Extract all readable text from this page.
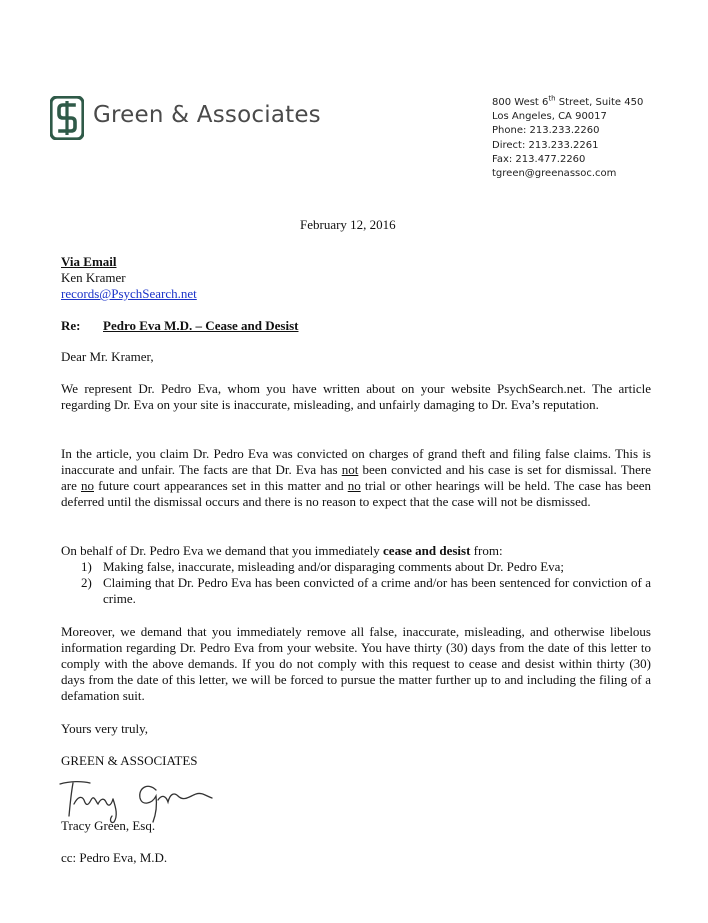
Green & Associates	800 West 6th Street, Suite 450
Los Angeles, CA 90017
Phone: 213.233.2260
Direct: 213.233.2261
Fax: 213.477.2260
tgreen@greenassoc.com
February 12, 2016
Via Email
Ken Kramer
records@PsychSearch.net
Re: Pedro Eva M.D. – Cease and Desist
Dear Mr. Kramer,
We represent Dr. Pedro Eva, whom you have written about on your website PsychSearch.net. The article regarding Dr. Eva on your site is inaccurate, misleading, and unfairly damaging to Dr. Eva’s reputation.
In the article, you claim Dr. Pedro Eva was convicted on charges of grand theft and filing false claims. This is inaccurate and unfair. The facts are that Dr. Eva has not been convicted and his case is set for dismissal. There are no future court appearances set in this matter and no trial or other hearings will be held. The case has been deferred until the dismissal occurs and there is no reason to expect that the case will not be dismissed.
On behalf of Dr. Pedro Eva we demand that you immediately cease and desist from:
1) Making false, inaccurate, misleading and/or disparaging comments about Dr. Pedro Eva;
2) Claiming that Dr. Pedro Eva has been convicted of a crime and/or has been sentenced for conviction of a crime.
Moreover, we demand that you immediately remove all false, inaccurate, misleading, and otherwise libelous information regarding Dr. Pedro Eva from your website. You have thirty (30) days from the date of this letter to comply with the above demands. If you do not comply with this request to cease and desist within thirty (30) days from the date of this letter, we will be forced to pursue the matter further up to and including the filing of a defamation suit.
Yours very truly,
GREEN & ASSOCIATES
Tracy Green, Esq.
cc: Pedro Eva, M.D.
